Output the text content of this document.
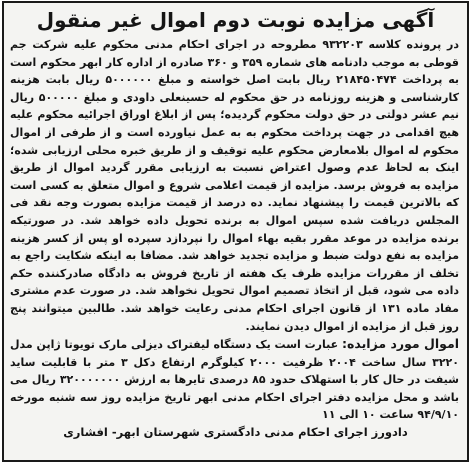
آگهی مزایده نوبت دوم اموال غیر منقول

در پرونده کلاسه ۹۳۲۲۰۳ مطروحه در اجرای احکام مدنی محکوم علیه شرکت جم قوطی به موجب دادنامه های شماره ۳۵۹ و ۳۶۰ صادره از اداره کار ابهر محکوم است به پرداخت ۲۱۸۴۵۰۴۷۴ ریال بابت اصل خواسته و مبلغ ۵۰۰۰۰۰۰ ریال بابت هزینه کارشناسی و هزینه روزنامه در حق محکوم له حسینعلی داودی و مبلغ ۵۰۰۰۰۰ ریال نیم عشر دولتی در حق دولت محکوم گردیده؛ پس از ابلاغ اوراق اجرائیه محکوم علیه هیچ اقدامی در جهت پرداخت محکوم به به عمل نیاورده است و از طرفی از اموال محکوم له اموال بلامعارض محکوم علیه توقیف و از طریق خبره محلی ارزیابی شده؛ اینک به لحاظ عدم وصول اعتراض نسبت به ارزیابی مقرر گردید اموال از طریق مزایده به فروش برسد. مزایده از قیمت اعلامی شروع و اموال متعلق به کسی است که بالاترین قیمت را پیشنهاد نماید. ده درصد از قیمت مزایده بصورت وجه نقد فی المجلس دریافت شده سپس اموال به برنده تحویل داده خواهد شد. در صورتیکه برنده مزایده در موعد مقرر بقیه بهاء اموال را نپردازد سپرده او پس از کسر هزینه مزایده به نفع دولت ضبط و مزایده تجدید خواهد شد. مضافا به اینکه شکایت راجع به تخلف از مقررات مزایده ظرف یک هفته از تاریخ فروش به دادگاه صادرکننده حکم داده می شود، قبل از اتخاذ تصمیم اموال تحویل نخواهد شد. در صورت عدم مشتری مفاد ماده ۱۳۱ از قانون اجرای احکام مدنی رعایت خواهد شد. طالبین میتوانند پنج روز قبل از مزایده از اموال دیدن نمایند.

اموال مورد مزایده: عبارت است یک دستگاه لیفتراک دیزلی مارک تویوتا ژاپن مدل ۳۲۲۰ سال ساخت ۲۰۰۴ ظرفیت ۲۰۰۰ کیلوگرم ارتفاع دکل ۳ متر با قابلیت ساید شیفت در حال کار با استهلاک حدود ۸۵ درصدی تایرها به ارزش ۳۲۰۰۰۰۰۰۰ ریال می باشد و محل مزایده دفتر اجرای احکام مدنی ابهر تاریخ مزایده روز سه شنبه مورخه ۹۴/۹/۱۰ ساعت ۱۰ الی ۱۱

دادورز اجرای احکام مدنی دادگستری شهرستان ابهر- افشاری
